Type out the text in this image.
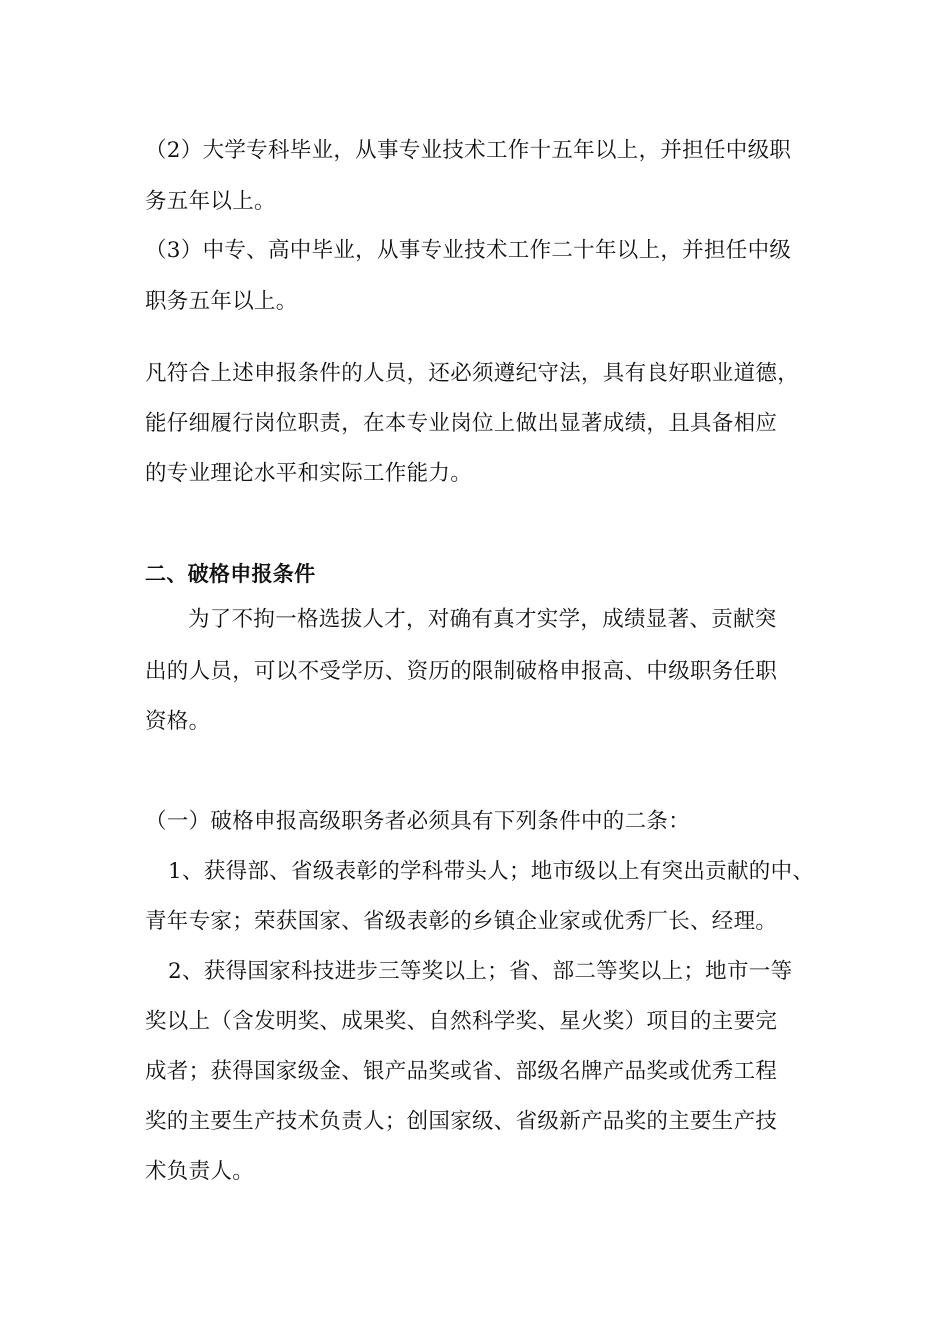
（2）大学专科毕业，从事专业技术工作十五年以上，并担任中级职
务五年以上。
（3）中专、高中毕业，从事专业技术工作二十年以上，并担任中级
职务五年以上。
凡符合上述申报条件的人员，还必须遵纪守法，具有良好职业道德，
能仔细履行岗位职责，在本专业岗位上做出显著成绩，且具备相应
的专业理论水平和实际工作能力。
二、破格申报条件
为了不拘一格选拔人才，对确有真才实学，成绩显著、贡献突
出的人员，可以不受学历、资历的限制破格申报高、中级职务任职
资格。
（一）破格申报高级职务者必须具有下列条件中的二条：
1、获得部、省级表彰的学科带头人；地市级以上有突出贡献的中、
青年专家；荣获国家、省级表彰的乡镇企业家或优秀厂长、经理。
2、获得国家科技进步三等奖以上；省、部二等奖以上；地市一等
奖以上（含发明奖、成果奖、自然科学奖、星火奖）项目的主要完
成者；获得国家级金、银产品奖或省、部级名牌产品奖或优秀工程
奖的主要生产技术负责人；创国家级、省级新产品奖的主要生产技
术负责人。
